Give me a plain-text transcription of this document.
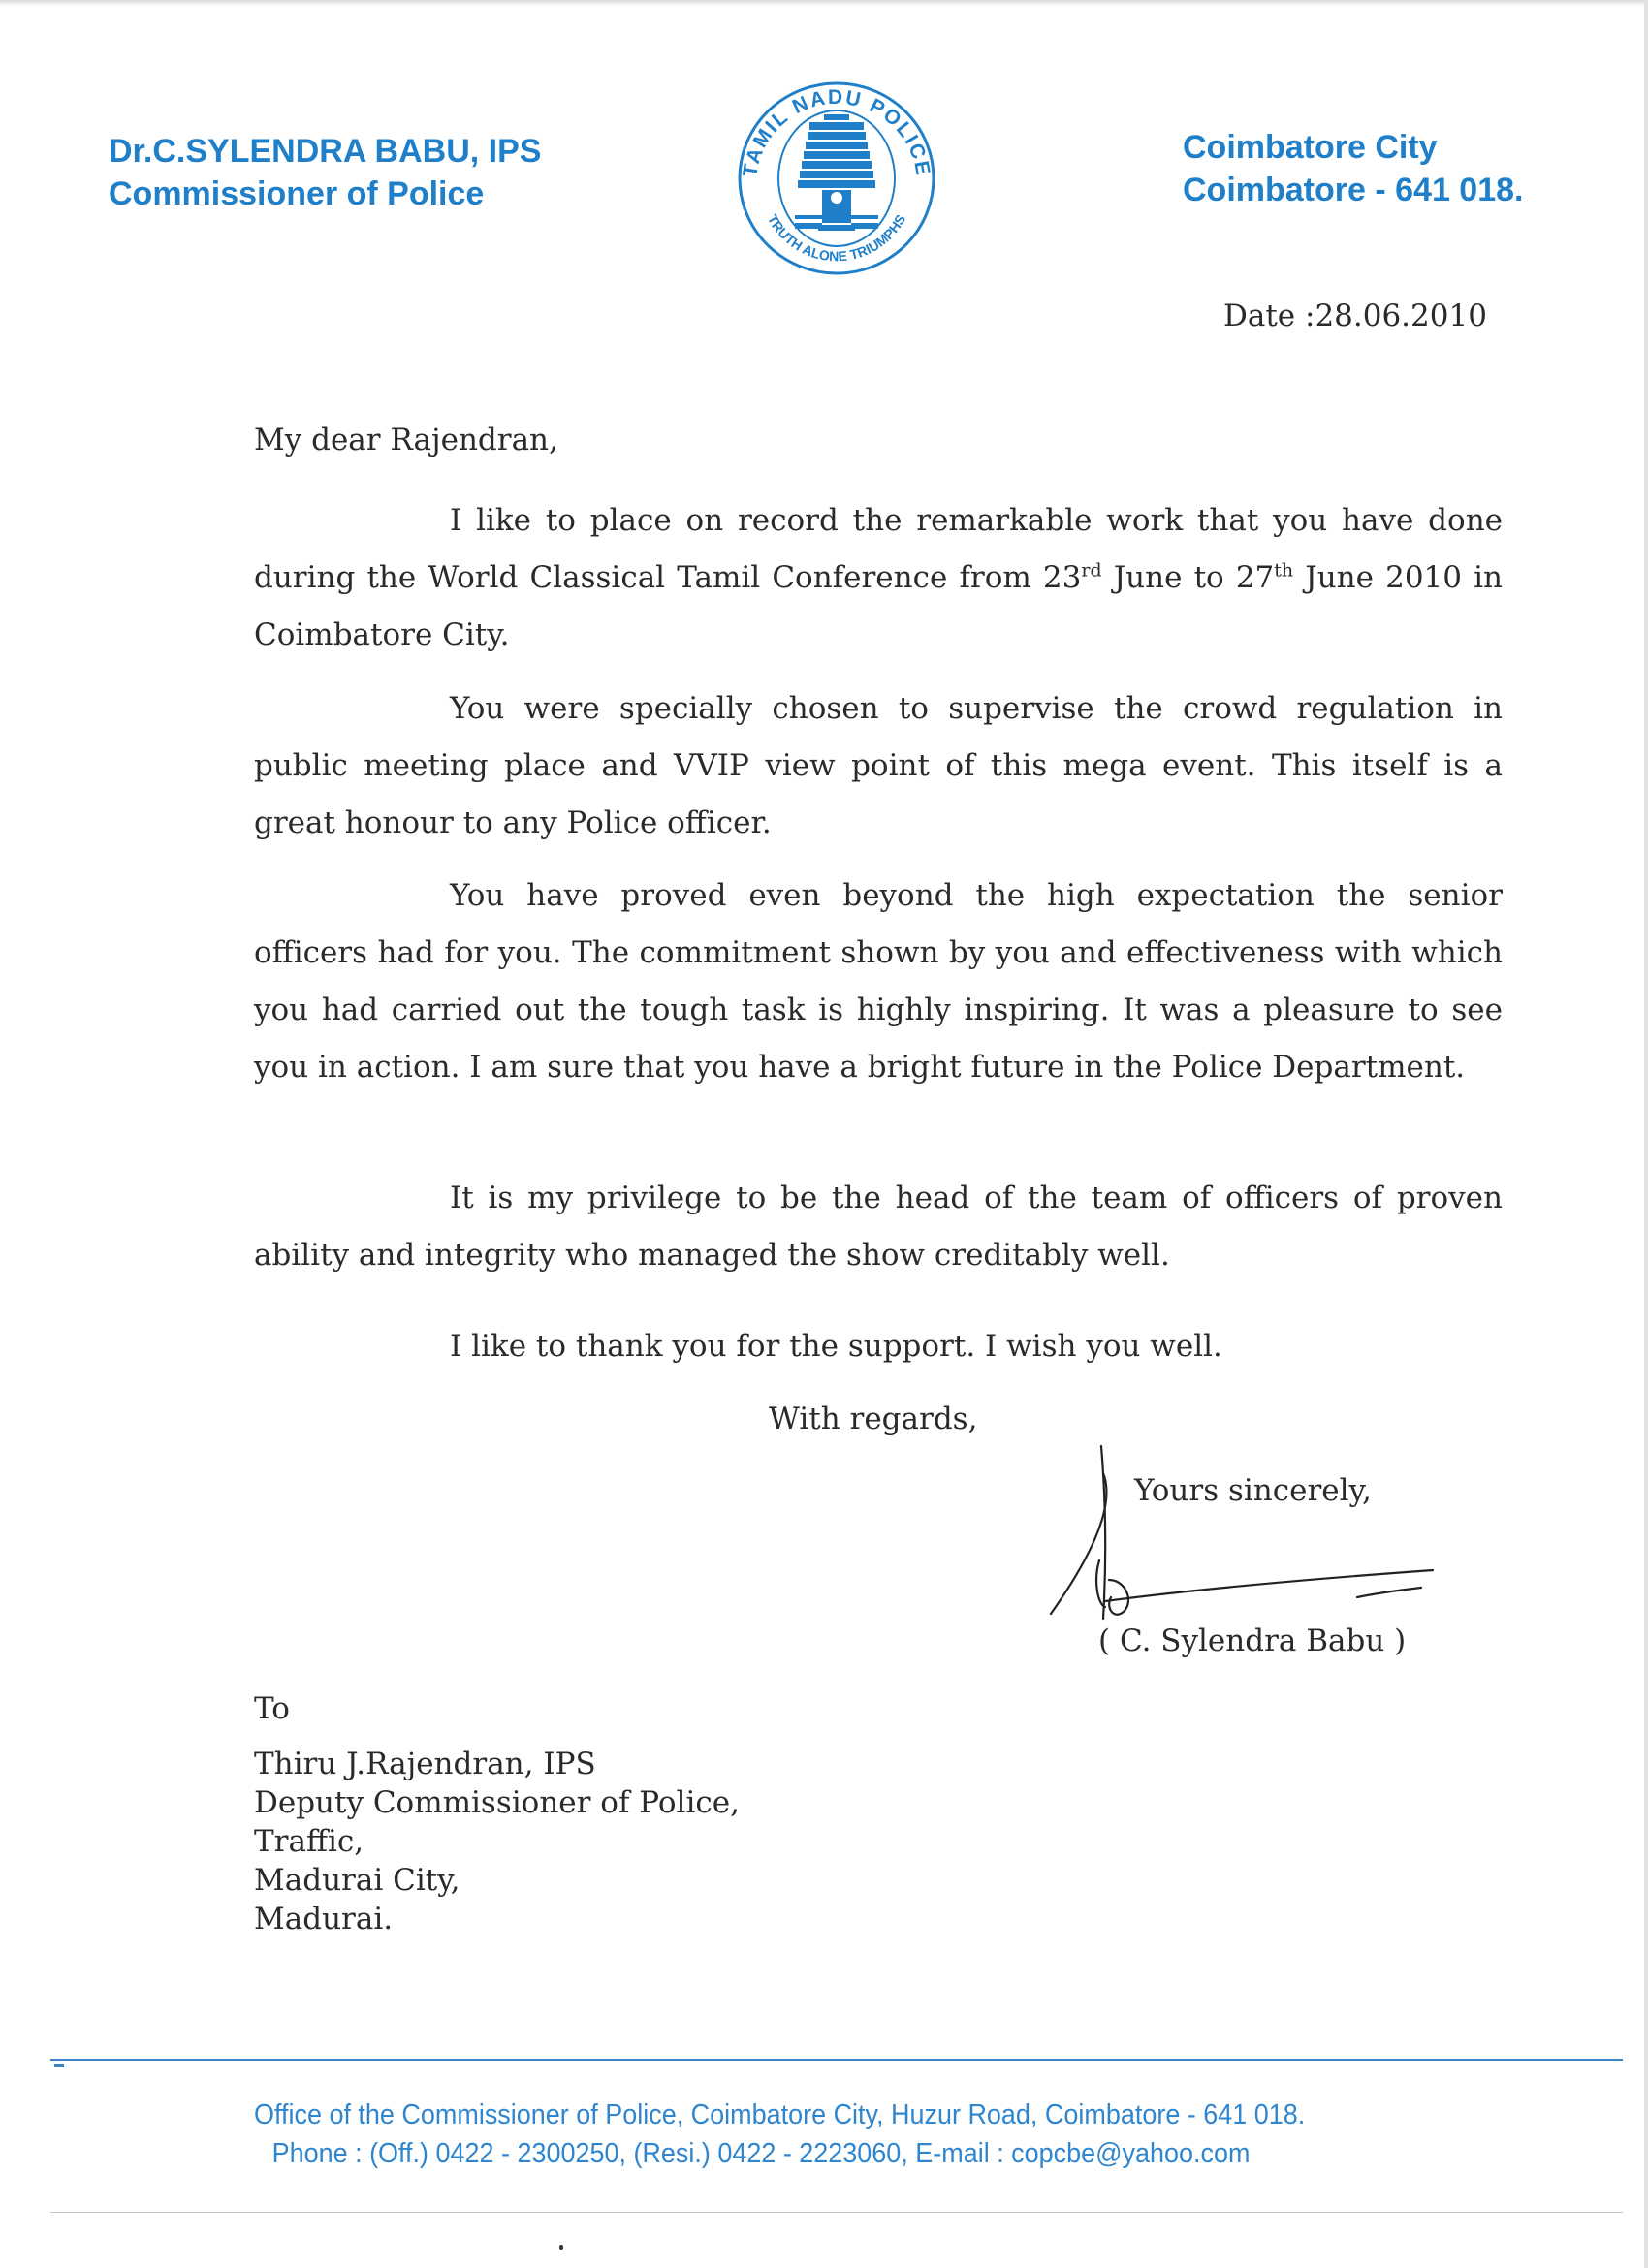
Dr.C.SYLENDRA BABU, IPS
Commissioner of Police
TAMIL NADU POLICE
TRUTH ALONE TRIUMPHS
Coimbatore City
Coimbatore - 641 018.
Date :28.06.2010
My dear Rajendran,

I like to place on record the remarkable work that you have done during the World Classical Tamil Conference from 23rd June to 27th June 2010 in Coimbatore City.

You were specially chosen to supervise the crowd regulation in public meeting place and VVIP view point of this mega event. This itself is a great honour to any Police officer.

You have proved even beyond the high expectation the senior officers had for you. The commitment shown by you and effectiveness with which you had carried out the tough task is highly inspiring. It was a pleasure to see you in action. I am sure that you have a bright future in the Police Department.

It is my privilege to be the head of the team of officers of proven ability and integrity who managed the show creditably well.

I like to thank you for the support. I wish you well.

With regards,
Yours sincerely,
( C. Sylendra Babu )
To
Thiru J.Rajendran, IPS
Deputy Commissioner of Police,
Traffic,
Madurai City,
Madurai.
Office of the Commissioner of Police, Coimbatore City, Huzur Road, Coimbatore - 641 018.
Phone : (Off.) 0422 - 2300250, (Resi.) 0422 - 2223060, E-mail : copcbe@yahoo.com
